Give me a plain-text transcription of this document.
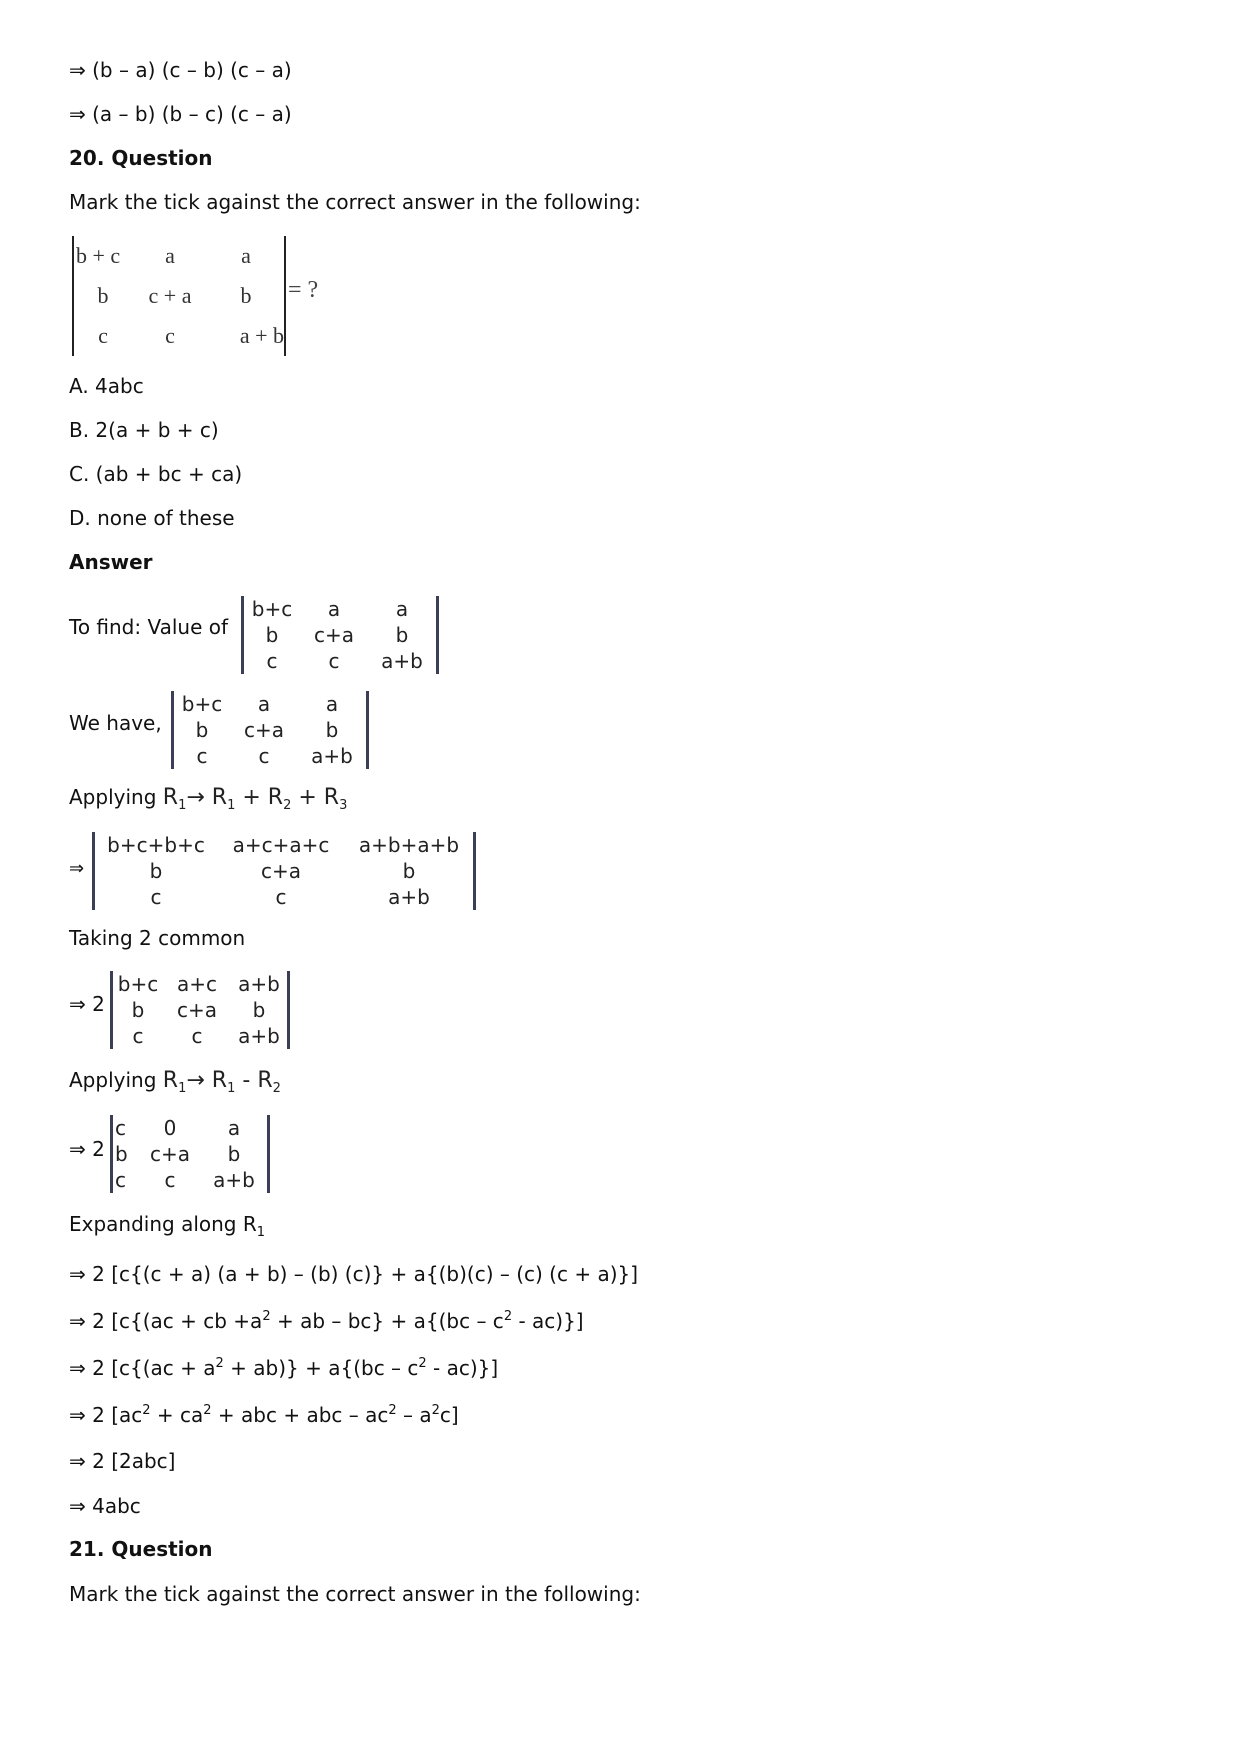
⇒ (b – a) (c – b) (c – a)
⇒ (a – b) (b – c) (c – a)
20. Question
Mark the tick against the correct answer in the following:
b + c	a	a
b	c + a	b
c	c	a + b
= ?
A. 4abc
B. 2(a + b + c)
C. (ab + bc + ca)
D. none of these
Answer
To find: Value of
b+c	a	a
b	c+a	b
c	c	a+b
We have,
b+c	a	a
b	c+a	b
c	c	a+b
Applying $R_1\to R_1 + R_2 + R_3$
⇒
b+c+b+c	a+c+a+c	a+b+a+b
b	c+a	b
c	c	a+b
Taking 2 common
⇒ 2
b+c	a+c	a+b
b	c+a	b
c	c	a+b
Applying $R_1\to R_1 - R_2$
⇒ 2
c	0	a
b	c+a	b
c	c	a+b
Expanding along $R_1$
⇒ 2 [c{(c + a) (a + b) – (b) (c)} + a{(b)(c) – (c) (c + a)}]
⇒ 2 [c{(ac + cb $+a^2$ + ab – $bc\} + a\{(bc - c^2 - ac)\}$]
⇒ 2 $[c\{(ac + a^2 + ab)\} + a\{(bc - c^2 - ac)\}]$
⇒ 2 [$ac^2 + ca^2$ + abc + abc – $ac^2 - a^2c$]
⇒ 2 [2abc]
⇒ 4abc
21. Question
Mark the tick against the correct answer in the following:
